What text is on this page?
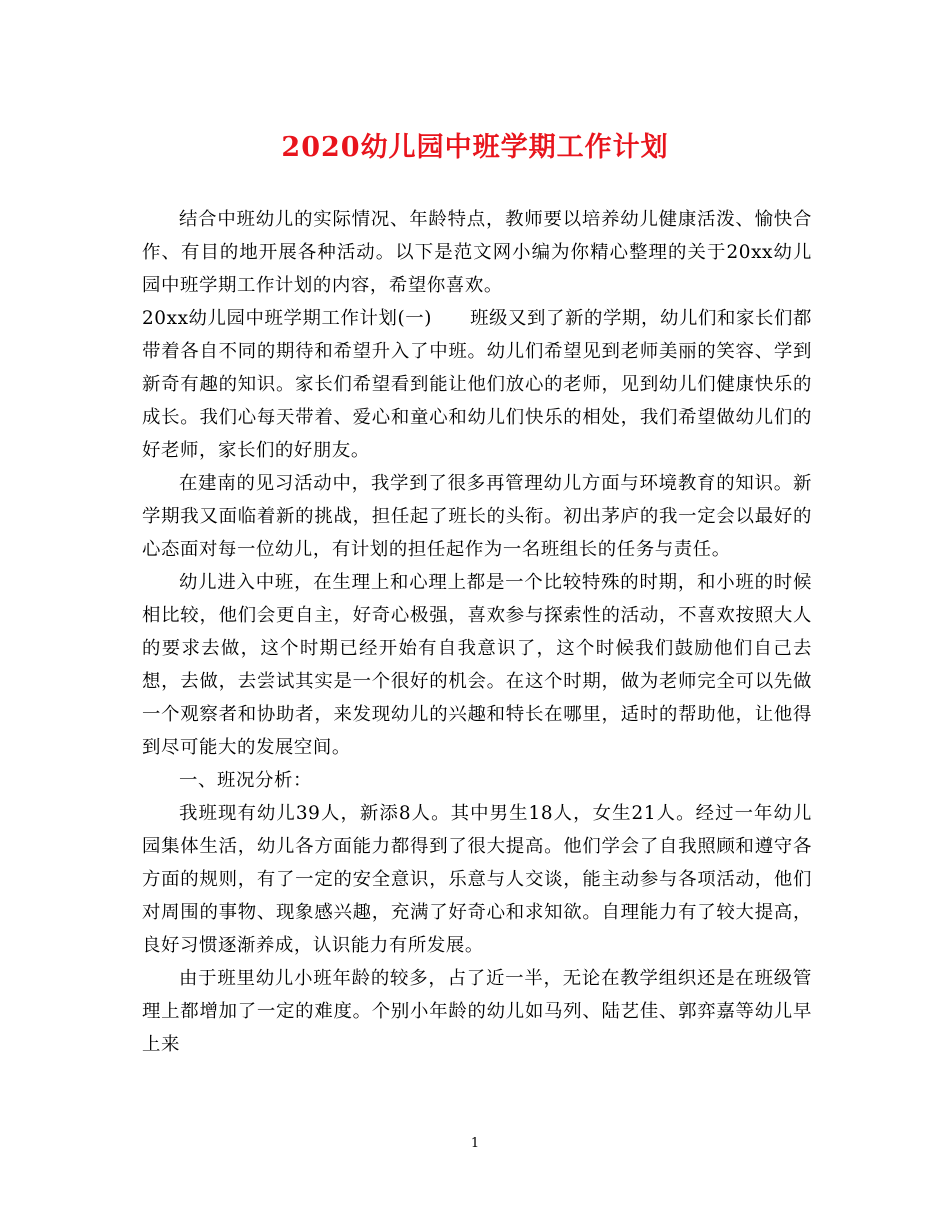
2020幼儿园中班学期工作计划

结合中班幼儿的实际情况、年龄特点，教师要以培养幼儿健康活泼、愉快合作、有目的地开展各种活动。以下是范文网小编为你精心整理的关于20xx幼儿园中班学期工作计划的内容，希望你喜欢。

20xx幼儿园中班学期工作计划(一)　　班级又到了新的学期，幼儿们和家长们都带着各自不同的期待和希望升入了中班。幼儿们希望见到老师美丽的笑容、学到新奇有趣的知识。家长们希望看到能让他们放心的老师，见到幼儿们健康快乐的成长。我们心每天带着、爱心和童心和幼儿们快乐的相处，我们希望做幼儿们的好老师，家长们的好朋友。

在建南的见习活动中，我学到了很多再管理幼儿方面与环境教育的知识。新学期我又面临着新的挑战，担任起了班长的头衔。初出茅庐的我一定会以最好的心态面对每一位幼儿，有计划的担任起作为一名班组长的任务与责任。

幼儿进入中班，在生理上和心理上都是一个比较特殊的时期，和小班的时候相比较，他们会更自主，好奇心极强，喜欢参与探索性的活动，不喜欢按照大人的要求去做，这个时期已经开始有自我意识了，这个时候我们鼓励他们自己去想，去做，去尝试其实是一个很好的机会。在这个时期，做为老师完全可以先做一个观察者和协助者，来发现幼儿的兴趣和特长在哪里，适时的帮助他，让他得到尽可能大的发展空间。

一、班况分析：

我班现有幼儿39人，新添8人。其中男生18人，女生21人。经过一年幼儿园集体生活，幼儿各方面能力都得到了很大提高。他们学会了自我照顾和遵守各方面的规则，有了一定的安全意识，乐意与人交谈，能主动参与各项活动，他们对周围的事物、现象感兴趣，充满了好奇心和求知欲。自理能力有了较大提高，良好习惯逐渐养成，认识能力有所发展。

由于班里幼儿小班年龄的较多，占了近一半，无论在教学组织还是在班级管理上都增加了一定的难度。个别小年龄的幼儿如马列、陆艺佳、郭弈嘉等幼儿早上来

1
